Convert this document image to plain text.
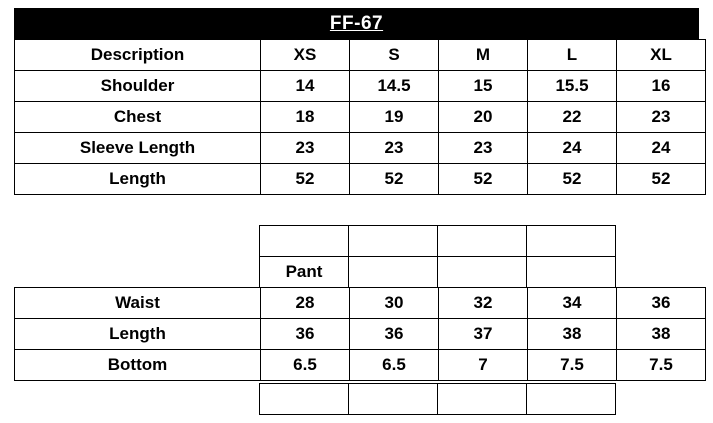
FF-67
Description	XS	S	M	L	XL
Shoulder	14	14.5	15	15.5	16
Chest	18	19	20	22	23
Sleeve Length	23	23	23	24	24
Length	52	52	52	52	52

	Pant				
Waist	28	30	32	34	36
Length	36	36	37	38	38
Bottom	6.5	6.5	7	7.5	7.5
